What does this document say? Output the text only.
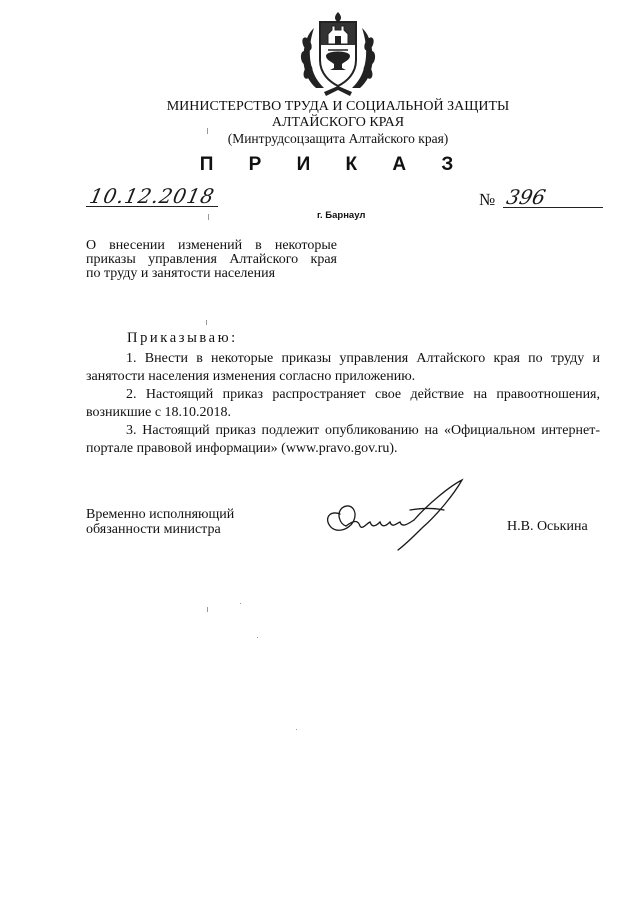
МИНИСТЕРСТВО ТРУДА И СОЦИАЛЬНОЙ ЗАЩИТЫ
АЛТАЙСКОГО КРАЯ
(Минтрудсоцзащита Алтайского края)
П Р И К А З
10.12.2018	№ 396
г. Барнаул
О внесении изменений в некоторые
приказы управления Алтайского края
по труду и занятости населения
Приказываю:

1. Внести в некоторые приказы управления Алтайского края по труду и занятости населения изменения согласно приложению.

2. Настоящий приказ распространяет свое действие на правоотношения, возникшие с 18.10.2018.

3. Настоящий приказ подлежит опубликованию на «Официальном интернет-портале правовой информации» (www.pravo.gov.ru).

Временно исполняющий
обязанности министра	Н.В. Оськина
